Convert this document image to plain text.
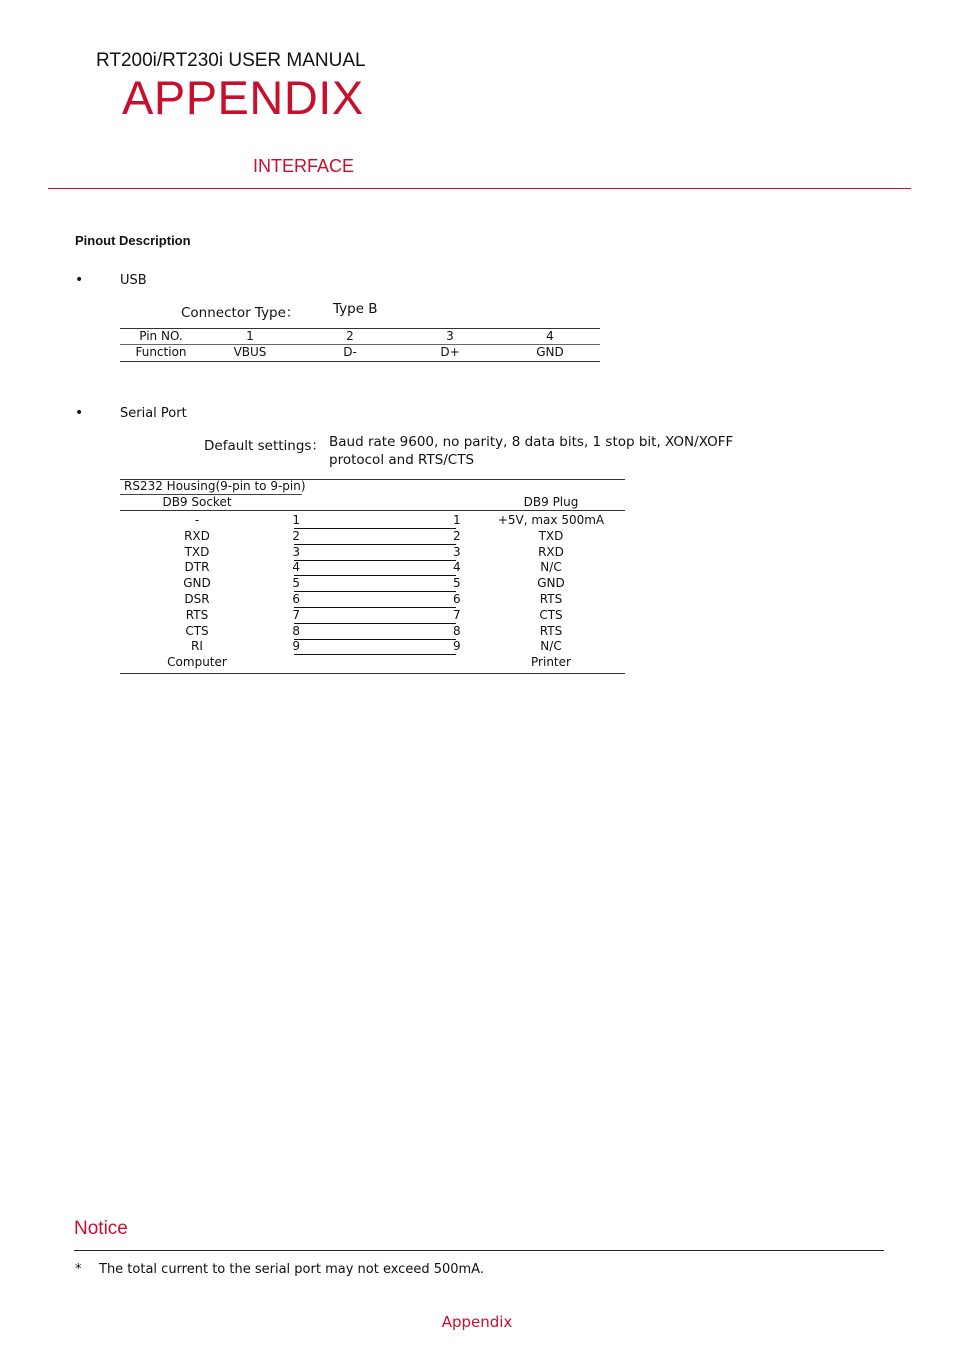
RT200i/RT230i USER MANUAL
APPENDIX
INTERFACE
Pinout Description
•	USB
Connector Type： Type B
Pin NO.	1	2	3	4
Function	VBUS	D-	D+	GND
•	Serial Port
Default settings： Baud rate 9600, no parity, 8 data bits, 1 stop bit, XON/XOFF
protocol and RTS/CTS
RS232 Housing(9-pin to 9-pin)
DB9 Socket	DB9 Plug
-	1	1	+5V, max 500mA
RXD	2	2	TXD
TXD	3	3	RXD
DTR	4	4	N/C
GND	5	5	GND
DSR	6	6	RTS
RTS	7	7	CTS
CTS	8	8	RTS
RI	9	9	N/C
Computer	Printer
Notice
* The total current to the serial port may not exceed 500mA.
Appendix
